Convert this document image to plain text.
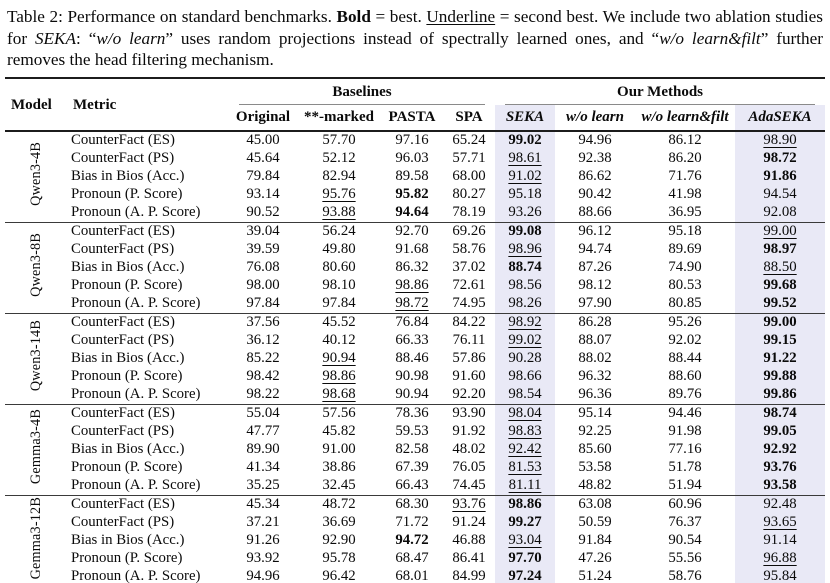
Table 2: Performance on standard benchmarks. Bold = best. Underline = second best. We include two ablation studies for SEKA: “w/o learn” uses random projections instead of spectrally learned ones, and “w/o learn&filt” further removes the head filtering mechanism.
Model	Metric	Baselines				Our Methods			

		Original	**-marked	PASTA	SPA	SEKA	w/o learn	w/o learn&filt	AdaSEKA
Qwen3-4B	CounterFact (ES)	45.00	57.70	97.16	65.24	99.02	94.96	86.12	98.90
	CounterFact (PS)	45.64	52.12	96.03	57.71	98.61	92.38	86.20	98.72
	Bias in Bios (Acc.)	79.84	82.94	89.58	68.00	91.02	86.62	71.76	91.86
	Pronoun (P. Score)	93.14	95.76	95.82	80.27	95.18	90.42	41.98	94.54
	Pronoun (A. P. Score)	90.52	93.88	94.64	78.19	93.26	88.66	36.95	92.08
Qwen3-8B	CounterFact (ES)	39.04	56.24	92.70	69.26	99.08	96.12	95.18	99.00
	CounterFact (PS)	39.59	49.80	91.68	58.76	98.96	94.74	89.69	98.97
	Bias in Bios (Acc.)	76.08	80.60	86.32	37.02	88.74	87.26	74.90	88.50
	Pronoun (P. Score)	98.00	98.10	98.86	72.61	98.56	98.12	80.53	99.68
	Pronoun (A. P. Score)	97.84	97.84	98.72	74.95	98.26	97.90	80.85	99.52
Qwen3-14B	CounterFact (ES)	37.56	45.52	76.84	84.22	98.92	86.28	95.26	99.00
	CounterFact (PS)	36.12	40.12	66.33	76.11	99.02	88.07	92.02	99.15
	Bias in Bios (Acc.)	85.22	90.94	88.46	57.86	90.28	88.02	88.44	91.22
	Pronoun (P. Score)	98.42	98.86	90.98	91.60	98.66	96.32	88.60	99.88
	Pronoun (A. P. Score)	98.22	98.68	90.94	92.20	98.54	96.36	89.76	99.86
Gemma3-4B	CounterFact (ES)	55.04	57.56	78.36	93.90	98.04	95.14	94.46	98.74
	CounterFact (PS)	47.77	45.82	59.53	91.92	98.83	92.25	91.98	99.05
	Bias in Bios (Acc.)	89.90	91.00	82.58	48.02	92.42	85.60	77.16	92.92
	Pronoun (P. Score)	41.34	38.86	67.39	76.05	81.53	53.58	51.78	93.76
	Pronoun (A. P. Score)	35.25	32.45	66.43	74.45	81.11	48.82	51.94	93.58
Gemma3-12B	CounterFact (ES)	45.34	48.72	68.30	93.76	98.86	63.08	60.96	92.48
	CounterFact (PS)	37.21	36.69	71.72	91.24	99.27	50.59	76.37	93.65
	Bias in Bios (Acc.)	91.26	92.90	94.72	46.88	93.04	91.84	90.54	91.14
	Pronoun (P. Score)	93.92	95.78	68.47	86.41	97.70	47.26	55.56	96.88
	Pronoun (A. P. Score)	94.96	96.42	68.01	84.99	97.24	51.24	58.76	95.84
